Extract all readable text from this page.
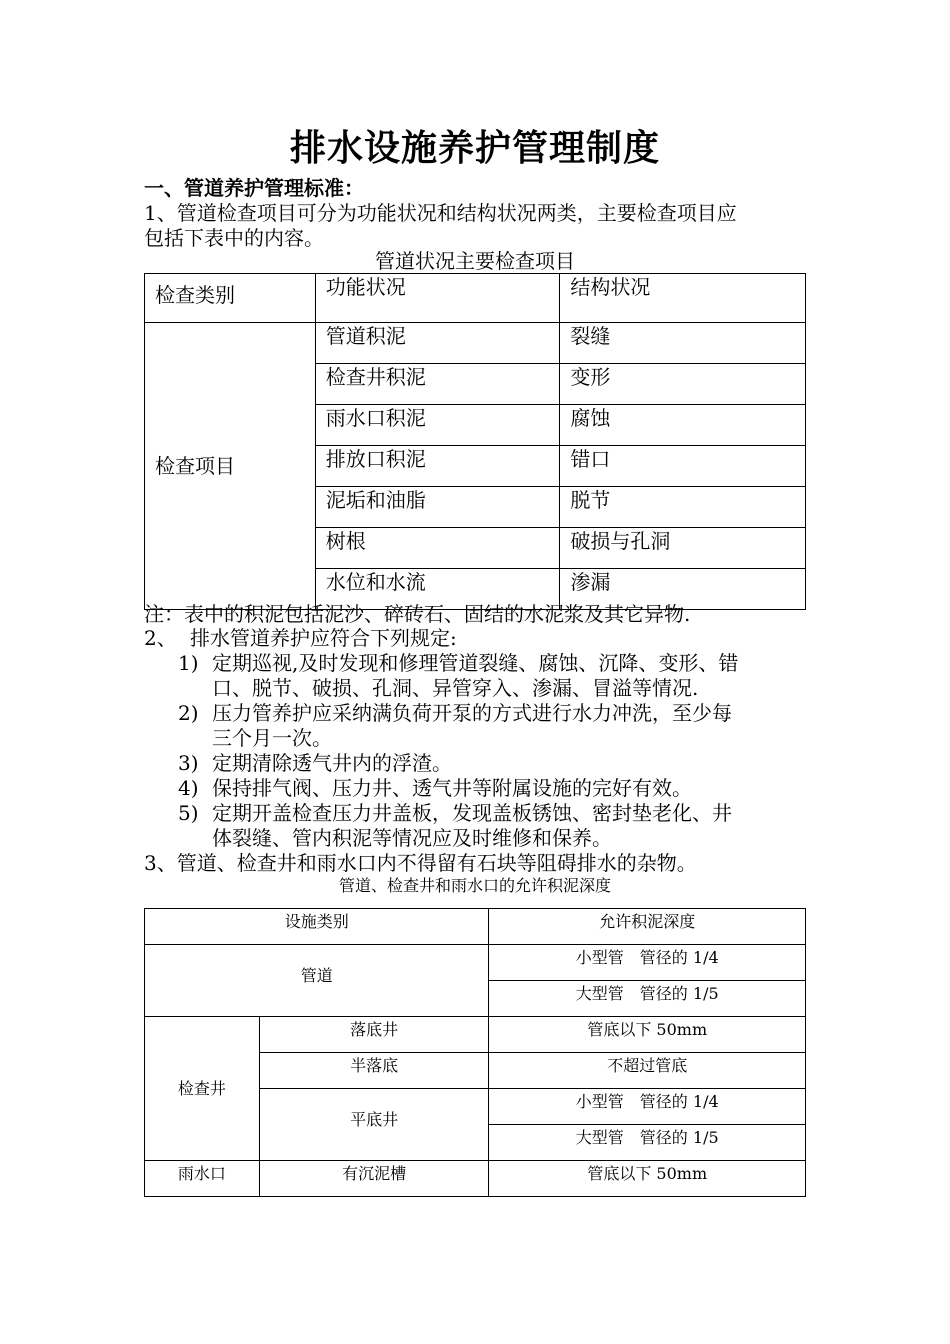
排水设施养护管理制度
一、管道养护管理标准：
1、管道检查项目可分为功能状况和结构状况两类，主要检查项目应
包括下表中的内容。
管道状况主要检查项目
检查类别	功能状况	结构状况
检查项目	管道积泥	裂缝
	检查井积泥	变形
	雨水口积泥	腐蚀
	排放口积泥	错口
	泥垢和油脂	脱节
	树根	破损与孔洞
	水位和水流	渗漏
注：表中的积泥包括泥沙、碎砖石、固结的水泥浆及其它异物.
2、 排水管道养护应符合下列规定:
1) 定期巡视,及时发现和修理管道裂缝、腐蚀、沉降、变形、错
口、脱节、破损、孔洞、异管穿入、渗漏、冒溢等情况.
2) 压力管养护应采纳满负荷开泵的方式进行水力冲洗，至少每
三个月一次。
3) 定期清除透气井内的浮渣。
4) 保持排气阀、压力井、透气井等附属设施的完好有效。
5) 定期开盖检查压力井盖板，发现盖板锈蚀、密封垫老化、井
体裂缝、管内积泥等情况应及时维修和保养。
3、管道、检查井和雨水口内不得留有石块等阻碍排水的杂物。
管道、检查井和雨水口的允许积泥深度
设施类别		允许积泥深度
管道		小型管　管径的 1/4
		大型管　管径的 1/5
检查井	落底井	管底以下 50mm
	半落底	不超过管底
	平底井	小型管　管径的 1/4
		大型管　管径的 1/5
雨水口	有沉泥槽	管底以下 50mm
